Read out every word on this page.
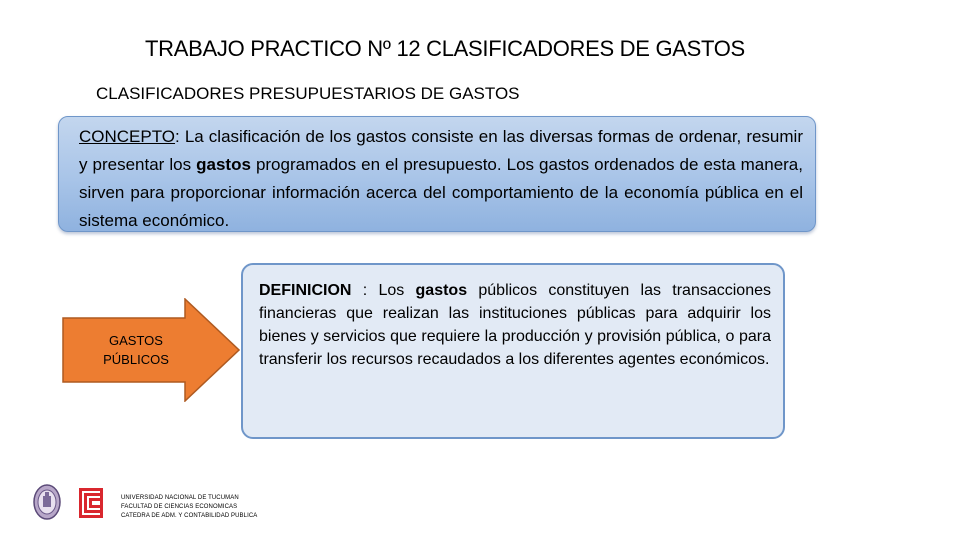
TRABAJO PRACTICO Nº 12 CLASIFICADORES DE GASTOS
CLASIFICADORES PRESUPUESTARIOS DE GASTOS
CONCEPTO: La clasificación de los gastos consiste en las diversas formas de ordenar, resumir y presentar los gastos programados en el presupuesto. Los gastos ordenados de esta manera, sirven para proporcionar información acerca del comportamiento de la economía pública en el sistema económico.
GASTOS
PÚBLICOS
DEFINICION : Los gastos públicos constituyen las transacciones financieras que realizan las instituciones públicas para adquirir los bienes y servicios que requiere la producción y provisión pública, o para transferir los recursos recaudados a los diferentes agentes económicos.
UNIVERSIDAD NACIONAL DE TUCUMAN
FACULTAD DE CIENCIAS ECONOMICAS
CATEDRA DE ADM. Y CONTABILIDAD PUBLICA
